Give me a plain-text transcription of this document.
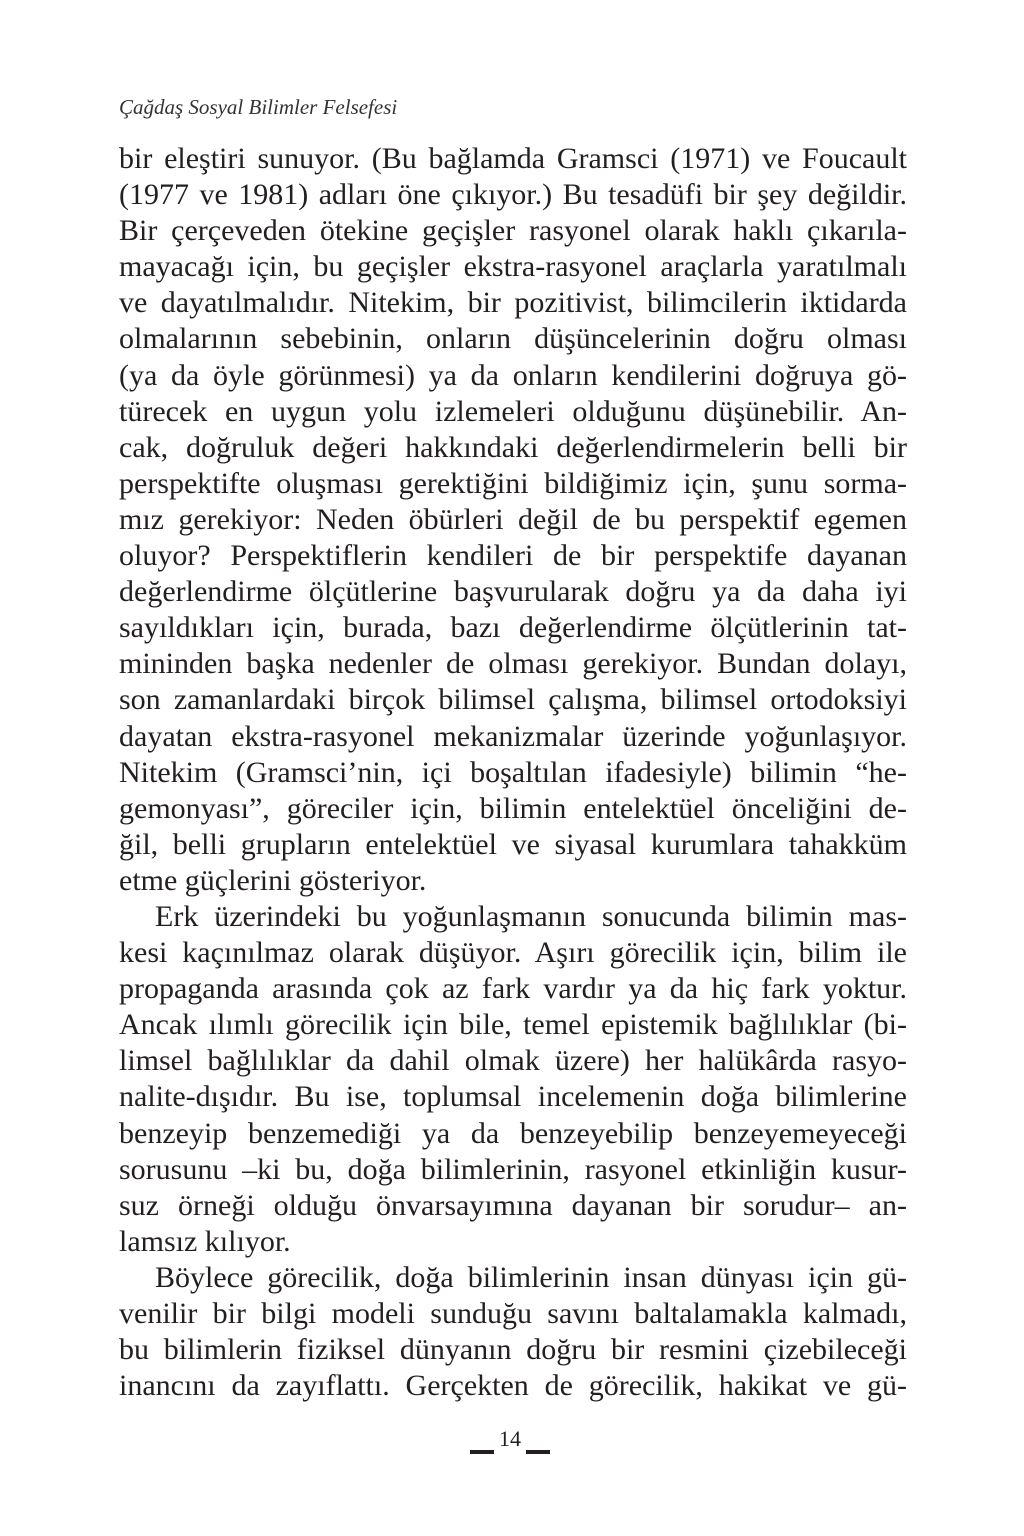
Çağdaş Sosyal Bilimler Felsefesi
bir eleştiri sunuyor. (Bu bağlamda Gramsci (1971) ve Foucault
(1977 ve 1981) adları öne çıkıyor.) Bu tesadüfi bir şey değildir.
Bir çerçeveden ötekine geçişler rasyonel olarak haklı çıkarıla-
mayacağı için, bu geçişler ekstra-rasyonel araçlarla yaratılmalı
ve dayatılmalıdır. Nitekim, bir pozitivist, bilimcilerin iktidarda
olmalarının sebebinin, onların düşüncelerinin doğru olması
(ya da öyle görünmesi) ya da onların kendilerini doğruya gö-
türecek en uygun yolu izlemeleri olduğunu düşünebilir. An-
cak, doğruluk değeri hakkındaki değerlendirmelerin belli bir
perspektifte oluşması gerektiğini bildiğimiz için, şunu sorma-
mız gerekiyor: Neden öbürleri değil de bu perspektif egemen
oluyor? Perspektiflerin kendileri de bir perspektife dayanan
değerlendirme ölçütlerine başvurularak doğru ya da daha iyi
sayıldıkları için, burada, bazı değerlendirme ölçütlerinin tat-
mininden başka nedenler de olması gerekiyor. Bundan dolayı,
son zamanlardaki birçok bilimsel çalışma, bilimsel ortodoksiyi
dayatan ekstra-rasyonel mekanizmalar üzerinde yoğunlaşıyor.
Nitekim (Gramsci’nin, içi boşaltılan ifadesiyle) bilimin “he-
gemonyası”, göreciler için, bilimin entelektüel önceliğini de-
ğil, belli grupların entelektüel ve siyasal kurumlara tahakküm
etme güçlerini gösteriyor.
Erk üzerindeki bu yoğunlaşmanın sonucunda bilimin mas-
kesi kaçınılmaz olarak düşüyor. Aşırı görecilik için, bilim ile
propaganda arasında çok az fark vardır ya da hiç fark yoktur.
Ancak ılımlı görecilik için bile, temel epistemik bağlılıklar (bi-
limsel bağlılıklar da dahil olmak üzere) her halükârda rasyo-
nalite-dışıdır. Bu ise, toplumsal incelemenin doğa bilimlerine
benzeyip benzemediği ya da benzeyebilip benzeyemeyeceği
sorusunu –ki bu, doğa bilimlerinin, rasyonel etkinliğin kusur-
suz örneği olduğu önvarsayımına dayanan bir sorudur– an-
lamsız kılıyor.
Böylece görecilik, doğa bilimlerinin insan dünyası için gü-
venilir bir bilgi modeli sunduğu savını baltalamakla kalmadı,
bu bilimlerin fiziksel dünyanın doğru bir resmini çizebileceği
inancını da zayıflattı. Gerçekten de görecilik, hakikat ve gü-
14
